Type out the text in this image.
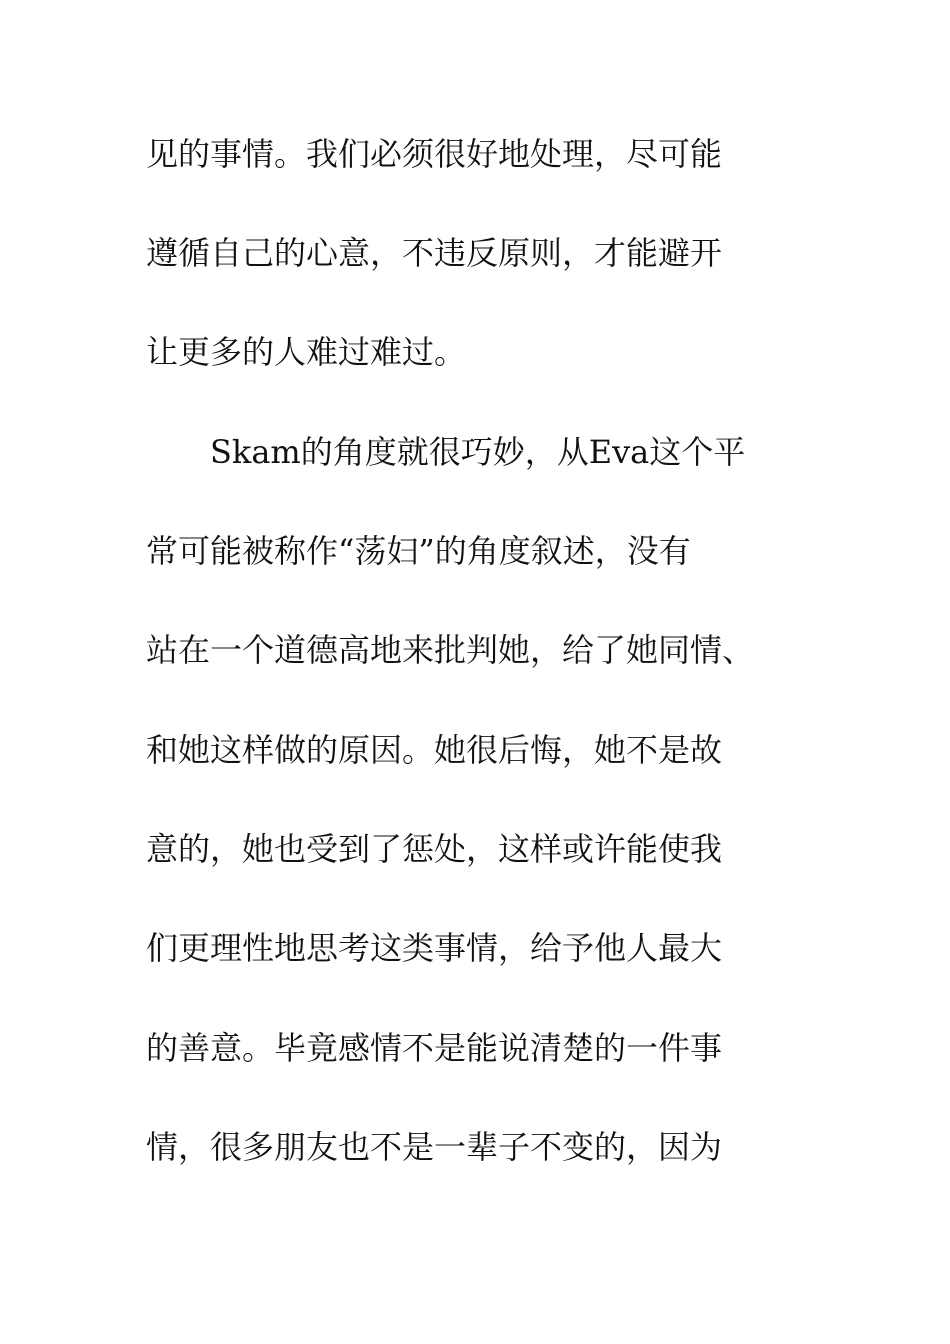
见的事情。我们必须很好地处理，尽可能
遵循自己的心意，不违反原则，才能避开
让更多的人难过难过。
　　Skam的角度就很巧妙，从Eva这个平
常可能被称作“荡妇”的角度叙述，没有
站在一个道德高地来批判她，给了她同情、
和她这样做的原因。她很后悔，她不是故
意的，她也受到了惩处，这样或许能使我
们更理性地思考这类事情，给予他人最大
的善意。毕竟感情不是能说清楚的一件事
情，很多朋友也不是一辈子不变的，因为
